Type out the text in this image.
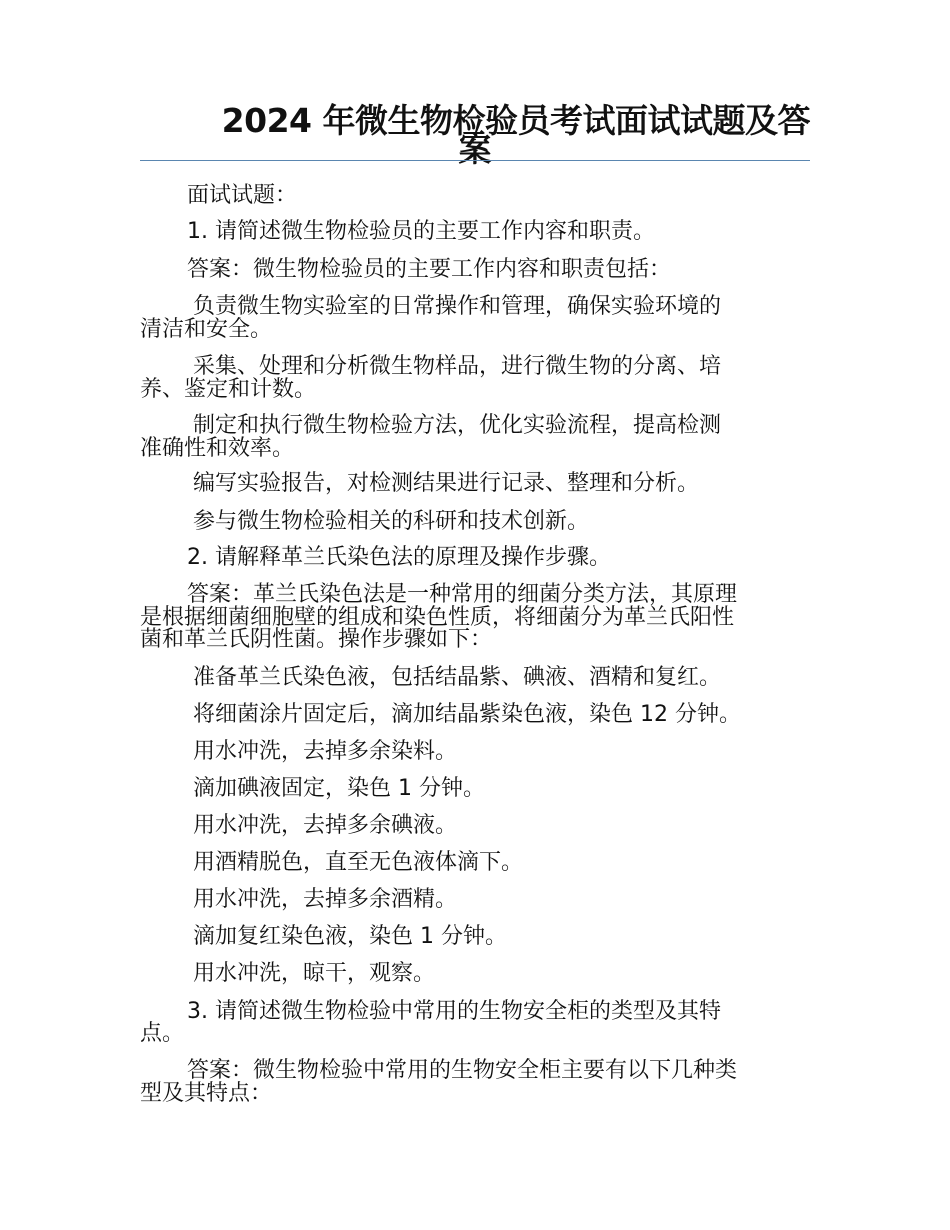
2024 年微生物检验员考试面试试题及答
案
面试试题：
1. 请简述微生物检验员的主要工作内容和职责。
答案：微生物检验员的主要工作内容和职责包括：
负责微生物实验室的日常操作和管理，确保实验环境的
清洁和安全。
采集、处理和分析微生物样品，进行微生物的分离、培
养、鉴定和计数。
制定和执行微生物检验方法，优化实验流程，提高检测
准确性和效率。
编写实验报告，对检测结果进行记录、整理和分析。
参与微生物检验相关的科研和技术创新。
2. 请解释革兰氏染色法的原理及操作步骤。
答案：革兰氏染色法是一种常用的细菌分类方法，其原理
是根据细菌细胞壁的组成和染色性质，将细菌分为革兰氏阳性
菌和革兰氏阴性菌。操作步骤如下：
准备革兰氏染色液，包括结晶紫、碘液、酒精和复红。
将细菌涂片固定后，滴加结晶紫染色液，染色 12 分钟。
用水冲洗，去掉多余染料。
滴加碘液固定，染色 1 分钟。
用水冲洗，去掉多余碘液。
用酒精脱色，直至无色液体滴下。
用水冲洗，去掉多余酒精。
滴加复红染色液，染色 1 分钟。
用水冲洗，晾干，观察。
3. 请简述微生物检验中常用的生物安全柜的类型及其特
点。
答案：微生物检验中常用的生物安全柜主要有以下几种类
型及其特点：
